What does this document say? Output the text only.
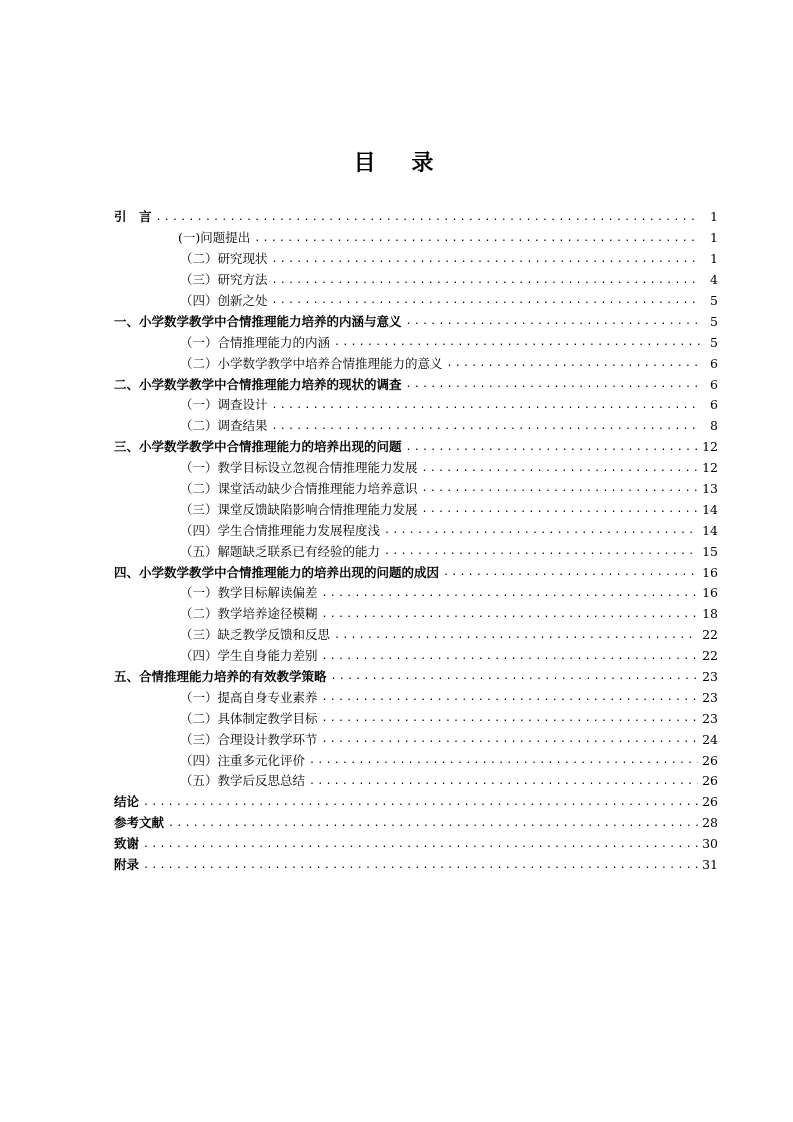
目 录
引　言 .....	1
(一)问题提出 .....	1
（二）研究现状 .....	1
（三）研究方法 .....	4
（四）创新之处 .....	5
一、小学数学教学中合情推理能力培养的内涵与意义 .....	5
（一）合情推理能力的内涵 .....	5
（二）小学数学教学中培养合情推理能力的意义 .....	6
二、小学数学教学中合情推理能力培养的现状的调查 .....	6
（一）调查设计 .....	6
（二）调查结果 .....	8
三、小学数学教学中合情推理能力的培养出现的问题 .....	12
（一）教学目标设立忽视合情推理能力发展 .....	12
（二）课堂活动缺少合情推理能力培养意识 .....	13
（三）课堂反馈缺陷影响合情推理能力发展 .....	14
（四）学生合情推理能力发展程度浅 .....	14
（五）解题缺乏联系已有经验的能力 .....	15
四、小学数学教学中合情推理能力的培养出现的问题的成因 .....	16
（一）教学目标解读偏差 .....	16
（二）教学培养途径模糊 .....	18
（三）缺乏教学反馈和反思 .....	22
（四）学生自身能力差别 .....	22
五、合情推理能力培养的有效教学策略 .....	23
（一）提高自身专业素养 .....	23
（二）具体制定教学目标 .....	23
（三）合理设计教学环节 .....	24
（四）注重多元化评价 .....	26
（五）教学后反思总结 .....	26
结论 .....	26
参考文献 .....	28
致谢 .....	30
附录 .....	31
